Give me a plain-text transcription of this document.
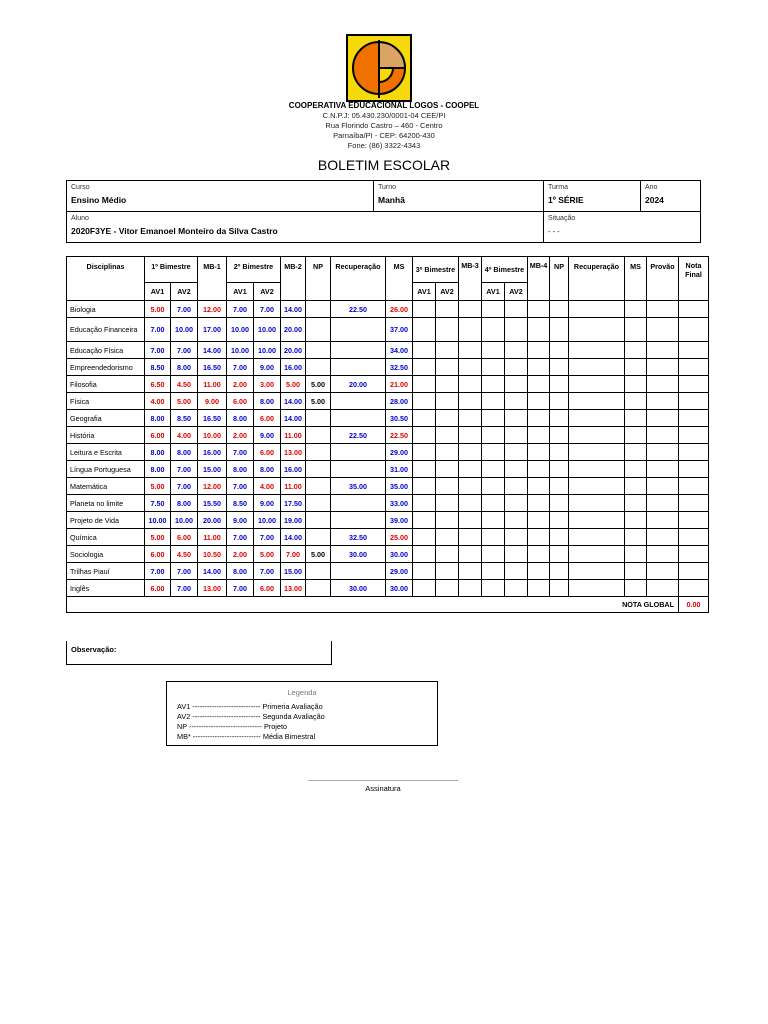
COOPERATIVA EDUCACIONAL LOGOS - COOPEL
C.N.P.J: 05.430.230/0001-04 CEE/PI
Rua Florindo Castro – 460 - Centro
Parnaíba/PI - CEP: 64200-430
Fone: (86) 3322-4343
BOLETIM ESCOLAR
Curso
Ensino Médio
Turno
Manhã
Turma
1º SÉRIE
Ano
2024
Aluno
2020F3YE - Vitor Emanoel Monteiro da Silva Castro
Situação
- - -
Disciplinas	1º Bimestre		MB-1	2º Bimestre		MB-2	NP	Recuperação	MS	3º Bimestre		MB-3	4º Bimestre		MB-4	NP	Recuperação	MS	Provão	Nota Final
	AV1	AV2		AV1	AV2					AV1	AV2		AV1	AV2						
Biologia	5.00	7.00	12.00	7.00	7.00	14.00		22.50	26.00											
Educação Financeira	7.00	10.00	17.00	10.00	10.00	20.00			37.00											
Educação Física	7.00	7.00	14.00	10.00	10.00	20.00			34.00											
Empreendedorismo	8.50	8.00	16.50	7.00	9.00	16.00			32.50											
Filosofia	6.50	4.50	11.00	2.00	3.00	5.00	5.00	20.00	21.00											
Física	4.00	5.00	9.00	6.00	8.00	14.00	5.00		28.00											
Geografia	8.00	8.50	16.50	8.00	6.00	14.00			30.50											
História	6.00	4.00	10.00	2.00	9.00	11.00		22.50	22.50											
Leitura e Escrita	8.00	8.00	16.00	7.00	6.00	13.00			29.00											
Língua Portuguesa	8.00	7.00	15.00	8.00	8.00	16.00			31.00											
Matemática	5.00	7.00	12.00	7.00	4.00	11.00		35.00	35.00											
Planeta no limite	7.50	8.00	15.50	8.50	9.00	17.50			33.00											
Projeto de Vida	10.00	10.00	20.00	9.00	10.00	19.00			39.00											
Química	5.00	6.00	11.00	7.00	7.00	14.00		32.50	25.00											
Sociologia	6.00	4.50	10.50	2.00	5.00	7.00	5.00	30.00	30.00											
Trilhas Piauí	7.00	7.00	14.00	8.00	7.00	15.00			29.00											
Inglês	6.00	7.00	13.00	7.00	6.00	13.00		30.00	30.00											
NOTA GLOBAL																				0.00
Observação:
Legenda
AV1 ---------------------------- Primeria Avaliação
AV2 ---------------------------- Segunda Avaliação
NP ------------------------------ Projeto
MB* ---------------------------- Média Bimestral
Assinatura
